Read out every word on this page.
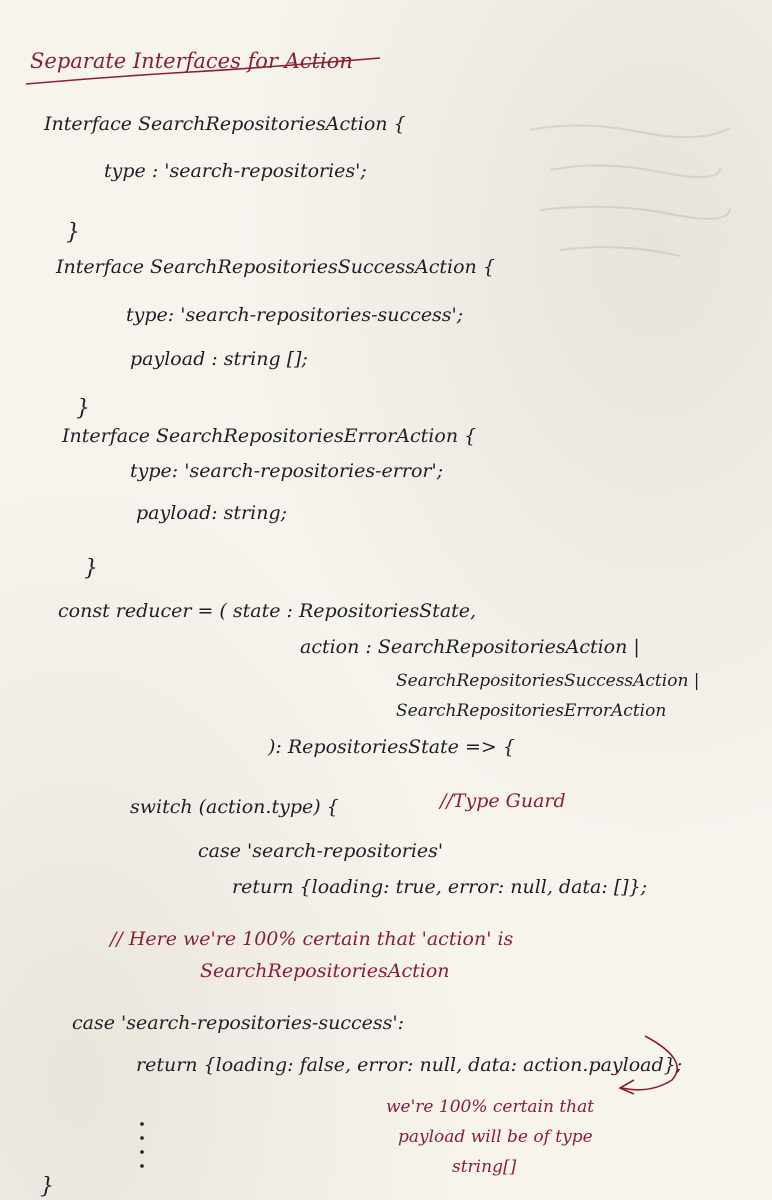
Separate Interfaces for Action
Interface SearchRepositoriesAction {
type : 'search-repositories';
}
Interface SearchRepositoriesSuccessAction {
type: 'search-repositories-success';
payload : string [];
}
Interface SearchRepositoriesErrorAction {
type: 'search-repositories-error';
payload: string;
}
const reducer = ( state : RepositoriesState,
action : SearchRepositoriesAction |
SearchRepositoriesSuccessAction |
SearchRepositoriesErrorAction
): RepositoriesState => {
switch (action.type) {	//Type Guard
case 'search-repositories'
return {loading: true, error: null, data: []};
// Here we're 100% certain that 'action' is
SearchRepositoriesAction
case 'search-repositories-success':
return {loading: false, error: null, data: action.payload};
we're 100% certain that
payload will be of type
string[]
}
